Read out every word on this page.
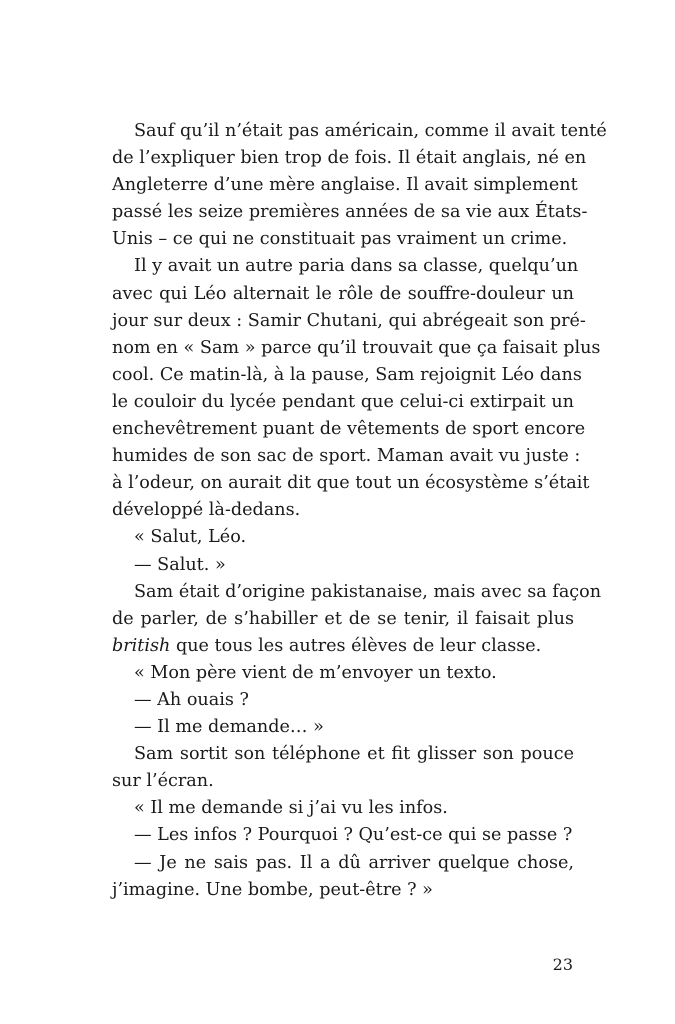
Sauf qu’il n’était pas américain, comme il avait tenté
de l’expliquer bien trop de fois. Il était anglais, né en
Angleterre d’une mère anglaise. Il avait simplement
passé les seize premières années de sa vie aux États-
Unis – ce qui ne constituait pas vraiment un crime.
Il y avait un autre paria dans sa classe, quelqu’un
avec qui Léo alternait le rôle de souffre-douleur un
jour sur deux : Samir Chutani, qui abrégeait son pré-
nom en « Sam » parce qu’il trouvait que ça faisait plus
cool. Ce matin-là, à la pause, Sam rejoignit Léo dans
le couloir du lycée pendant que celui-ci extirpait un
enchevêtrement puant de vêtements de sport encore
humides de son sac de sport. Maman avait vu juste :
à l’odeur, on aurait dit que tout un écosystème s’était
développé là-dedans.
« Salut, Léo.
— Salut. »
Sam était d’origine pakistanaise, mais avec sa façon
de parler, de s’habiller et de se tenir, il faisait plus
british que tous les autres élèves de leur classe.
« Mon père vient de m’envoyer un texto.
— Ah ouais ?
— Il me demande… »
Sam sortit son téléphone et fit glisser son pouce
sur l’écran.
« Il me demande si j’ai vu les infos.
— Les infos ? Pourquoi ? Qu’est-ce qui se passe ?
— Je ne sais pas. Il a dû arriver quelque chose,
j’imagine. Une bombe, peut-être ? »
23
